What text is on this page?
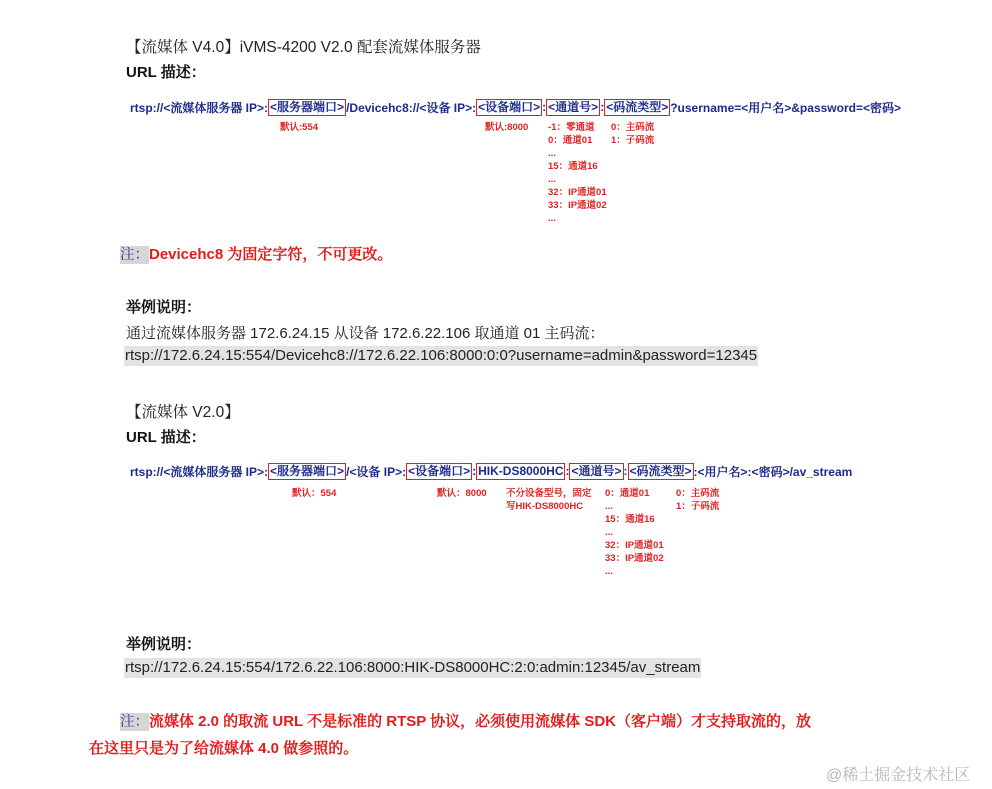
【流媒体 V4.0】iVMS-4200 V2.0 配套流媒体服务器
URL 描述：
rtsp://<流媒体服务器 IP>: <服务器端口> /Devicehc8://<设备 IP>: <设备端口> : <通道号> : <码流类型> ?username=<用户名>&password=<密码>
默认:554	默认:8000 -1：零通道
0：通道01
...
15：通道16
...
32：IP通道01
33：IP通道02
...
0：主码流
1：子码流
注：Devicehc8 为固定字符，不可更改。
举例说明：
通过流媒体服务器 172.6.24.15 从设备 172.6.22.106 取通道 01 主码流：
rtsp://172.6.24.15:554/Devicehc8://172.6.22.106:8000:0:0?username=admin&password=12345
【流媒体 V2.0】
URL 描述：
rtsp://<流媒体服务器 IP>: <服务器端口> /<设备 IP>: <设备端口> : HIK-DS8000HC : <通道号> : <码流类型> :<用户名>:<密码>/av_stream
默认：554	默认：8000 不分设备型号，固定
写HIK-DS8000HC
0：通道01
...
15：通道16
...
32：IP通道01
33：IP通道02
...
0：主码流
1：子码流
举例说明：
rtsp://172.6.24.15:554/172.6.22.106:8000:HIK-DS8000HC:2:0:admin:12345/av_stream
注：流媒体 2.0 的取流 URL 不是标准的 RTSP 协议，必须使用流媒体 SDK（客户端）才支持取流的，放
在这里只是为了给流媒体 4.0 做参照的。
@稀土掘金技术社区
